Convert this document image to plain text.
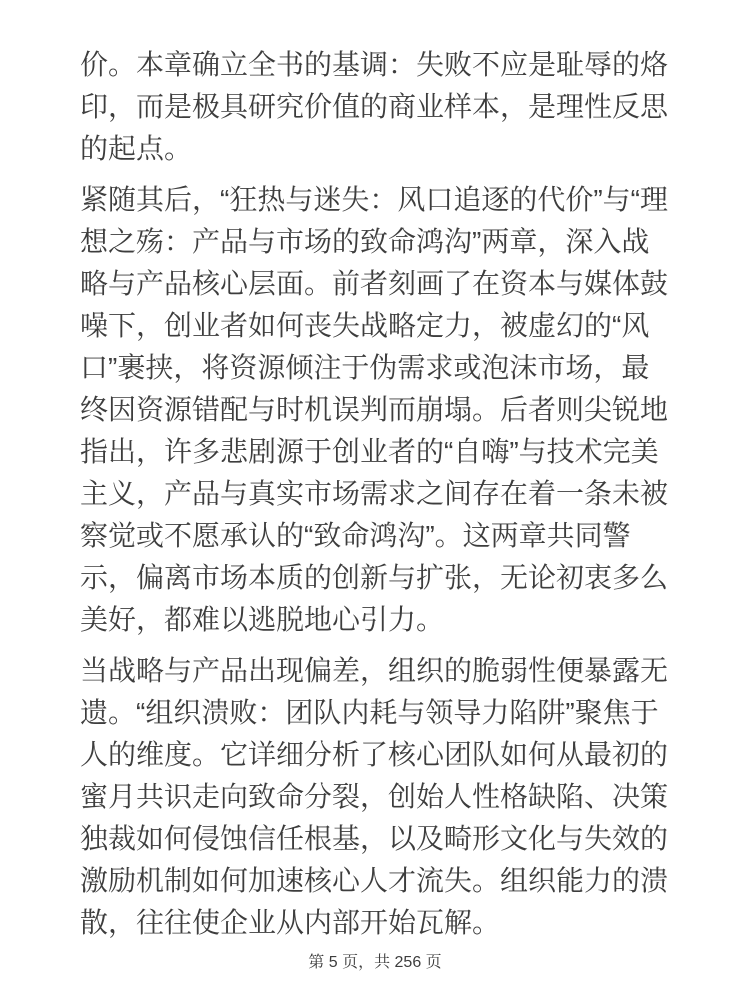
价。本章确立全书的基调：失败不应是耻辱的烙印，而是极具研究价值的商业样本，是理性反思的起点。

紧随其后，“狂热与迷失：风口追逐的代价”与“理想之殇：产品与市场的致命鸿沟”两章，深入战略与产品核心层面。前者刻画了在资本与媒体鼓噪下，创业者如何丧失战略定力，被虚幻的“风口”裹挟，将资源倾注于伪需求或泡沫市场，最终因资源错配与时机误判而崩塌。后者则尖锐地指出，许多悲剧源于创业者的“自嗨”与技术完美主义，产品与真实市场需求之间存在着一条未被察觉或不愿承认的“致命鸿沟”。这两章共同警示，偏离市场本质的创新与扩张，无论初衷多么美好，都难以逃脱地心引力。

当战略与产品出现偏差，组织的脆弱性便暴露无遗。“组织溃败：团队内耗与领导力陷阱”聚焦于人的维度。它详细分析了核心团队如何从最初的蜜月共识走向致命分裂，创始人性格缺陷、决策独裁如何侵蚀信任根基，以及畸形文化与失效的激励机制如何加速核心人才流失。组织能力的溃散，往往使企业从内部开始瓦解。

第 5 页，共 256 页
